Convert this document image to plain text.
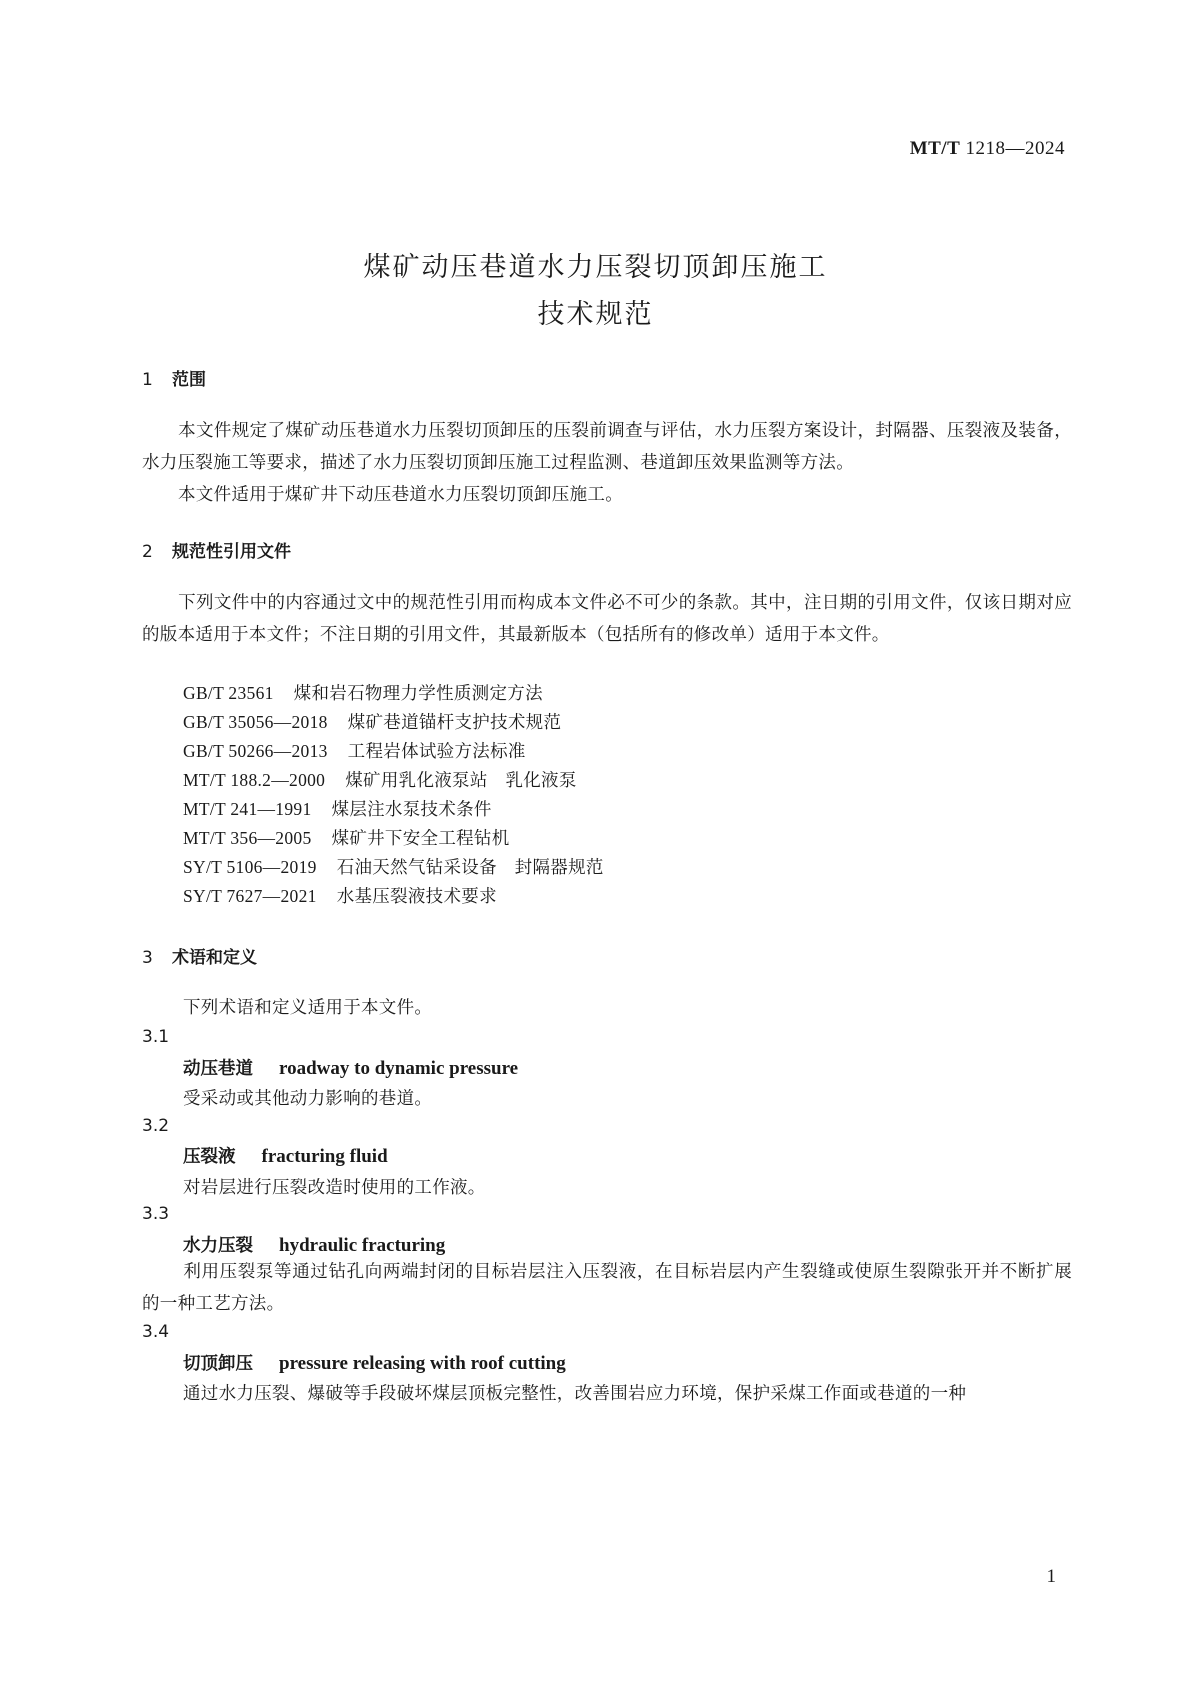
MT/T 1218—2024
煤矿动压巷道水力压裂切顶卸压施工
技术规范
1 范围
本文件规定了煤矿动压巷道水力压裂切顶卸压的压裂前调查与评估，水力压裂方案设计，封隔器、压裂液及装备，水力压裂施工等要求，描述了水力压裂切顶卸压施工过程监测、巷道卸压效果监测等方法。
本文件适用于煤矿井下动压巷道水力压裂切顶卸压施工。
2 规范性引用文件
下列文件中的内容通过文中的规范性引用而构成本文件必不可少的条款。其中，注日期的引用文件，仅该日期对应的版本适用于本文件；不注日期的引用文件，其最新版本（包括所有的修改单）适用于本文件。
GB/T 23561 煤和岩石物理力学性质测定方法
GB/T 35056—2018 煤矿巷道锚杆支护技术规范
GB/T 50266—2013 工程岩体试验方法标准
MT/T 188.2—2000 煤矿用乳化液泵站　乳化液泵
MT/T 241—1991 煤层注水泵技术条件
MT/T 356—2005 煤矿井下安全工程钻机
SY/T 5106—2019 石油天然气钻采设备　封隔器规范
SY/T 7627—2021 水基压裂液技术要求
3 术语和定义
下列术语和定义适用于本文件。
3.1
动压巷道 roadway to dynamic pressure
受采动或其他动力影响的巷道。
3.2
压裂液 fracturing fluid
对岩层进行压裂改造时使用的工作液。
3.3
水力压裂 hydraulic fracturing
利用压裂泵等通过钻孔向两端封闭的目标岩层注入压裂液，在目标岩层内产生裂缝或使原生裂隙张开并不断扩展的一种工艺方法。
3.4
切顶卸压 pressure releasing with roof cutting
通过水力压裂、爆破等手段破坏煤层顶板完整性，改善围岩应力环境，保护采煤工作面或巷道的一种
1
